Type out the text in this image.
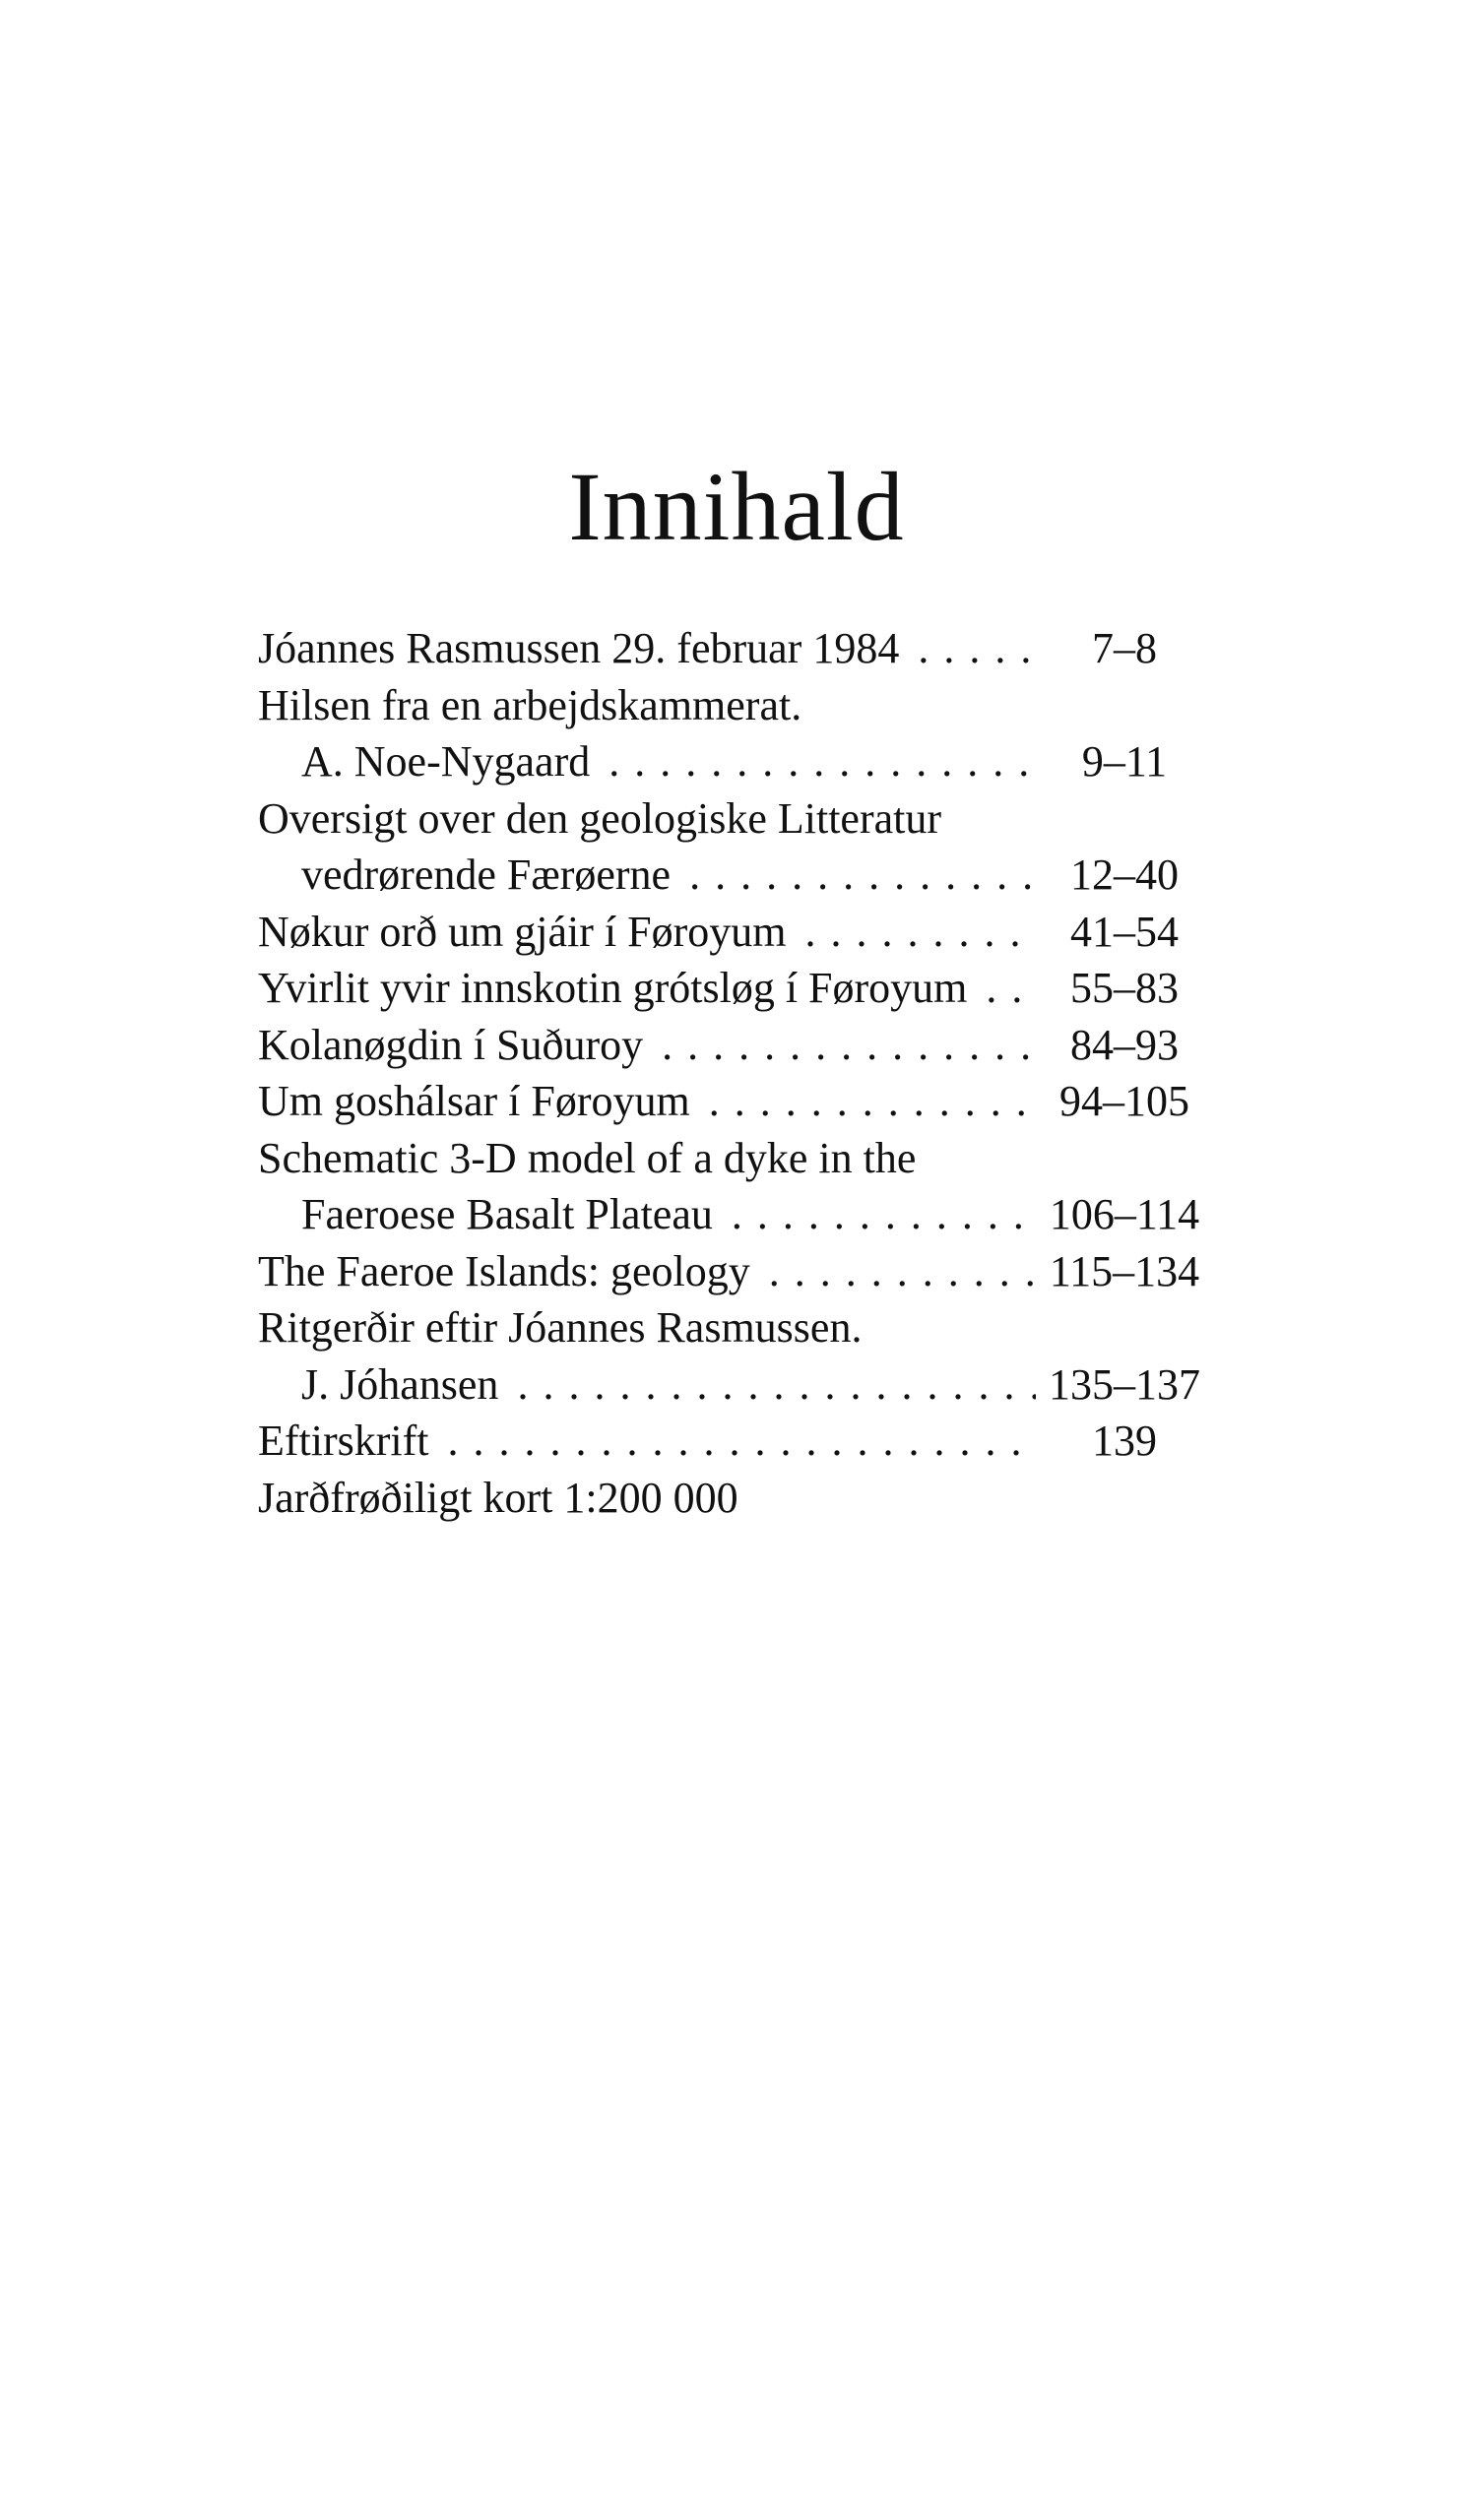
Innihald
Jóannes Rasmussen 29. februar 1984 . . .	7–8
Hilsen fra en arbejdskammerat.
A. Noe-Nygaard . . .	9–11
Oversigt over den geologiske Litteratur
vedrørende Færøerne . . .	12–40
Nøkur orð um gjáir í Føroyum . . .	41–54
Yvirlit yvir innskotin grótsløg í Føroyum . . .	55–83
Kolanøgdin í Suðuroy . . .	84–93
Um goshálsar í Føroyum . . .	94–105
Schematic 3-D model of a dyke in the
Faeroese Basalt Plateau . . .	106–114
The Faeroe Islands: geology . . .	115–134
Ritgerðir eftir Jóannes Rasmussen.
J. Jóhansen . . .	135–137
Eftirskrift . . .	139
Jarðfrøðiligt kort 1:200 000
